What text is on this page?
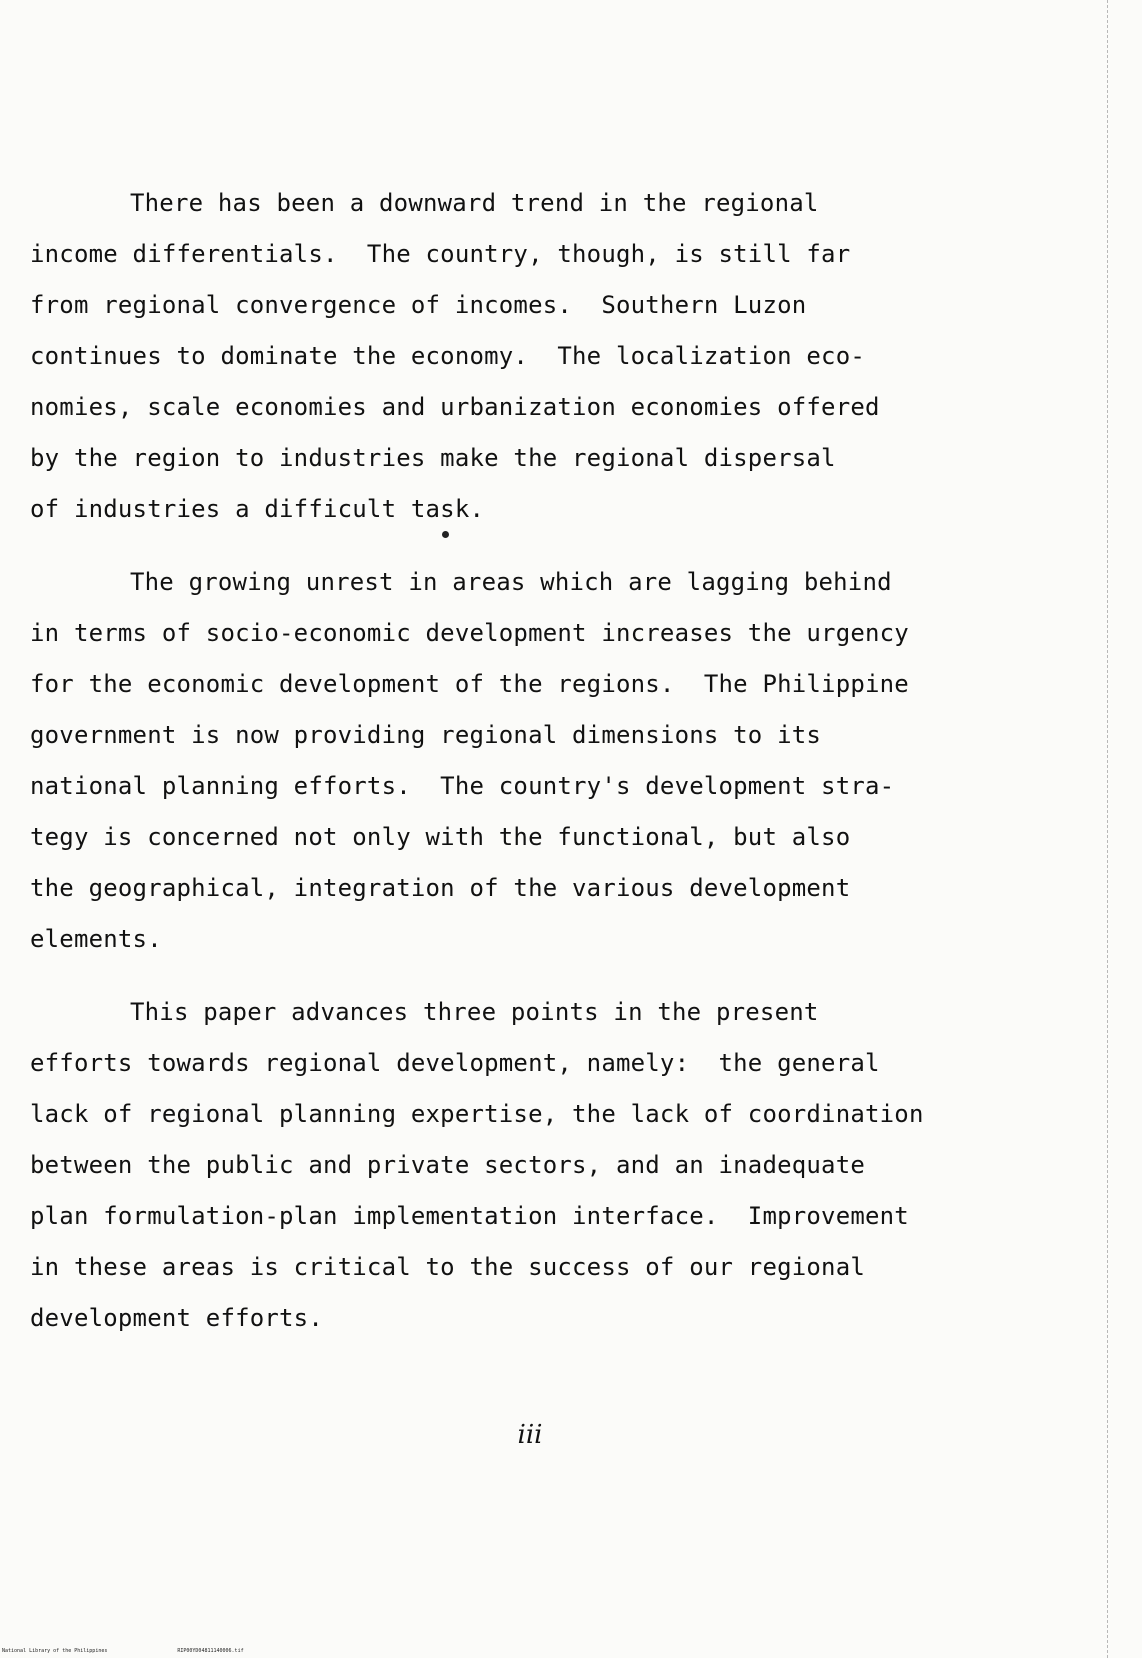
There has been a downward trend in the regional
income differentials.  The country, though, is still far
from regional convergence of incomes.  Southern Luzon
continues to dominate the economy.  The localization eco-
nomies, scale economies and urbanization economies offered
by the region to industries make the regional dispersal
of industries a difficult task.

The growing unrest in areas which are lagging behind
in terms of socio-economic development increases the urgency
for the economic development of the regions.  The Philippine
government is now providing regional dimensions to its
national planning efforts.  The country's development stra-
tegy is concerned not only with the functional, but also
the geographical, integration of the various development
elements.

This paper advances three points in the present
efforts towards regional development, namely:  the general
lack of regional planning expertise, the lack of coordination
between the public and private sectors, and an inadequate
plan formulation-plan implementation interface.  Improvement
in these areas is critical to the success of our regional
development efforts.

iii
National Library of the Philippines	RIP00YD04811140006.tif
